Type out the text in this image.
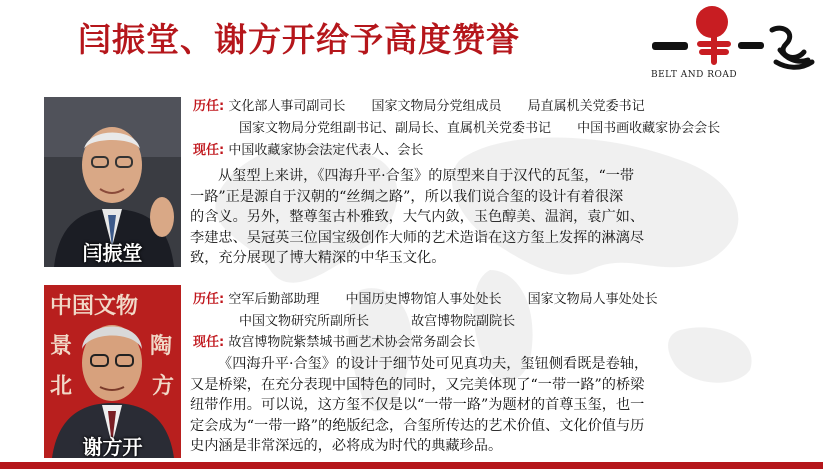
闫振堂、谢方开给予高度赞誉
BELT AND ROAD
闫振堂
历任: 文化部人事司副司长 国家文物局分党组成员 局直属机关党委书记
国家文物局分党组副书记、副局长、直属机关党委书记 中国书画收藏家协会会长
现任: 中国收藏家协会法定代表人、会长
从玺型上来讲，《四海升平·合玺》的原型来自于汉代的瓦玺，“一带
一路”正是源自于汉朝的“丝绸之路”，所以我们说合玺的设计有着很深
的含义。另外，整尊玺古朴雅致，大气内敛，玉色醇美、温润，袁广如、
李建忠、吴冠英三位国宝级创作大师的艺术造诣在这方玺上发挥的淋漓尽
致，充分展现了博大精深的中华玉文化。
中国文物
景	陶
北	方
谢方开
历任: 空军后勤部助理 中国历史博物馆人事处处长 国家文物局人事处处长
中国文物研究所副所长	故宫博物院副院长
现任: 故宫博物院紫禁城书画艺术协会常务副会长
《四海升平·合玺》的设计于细节处可见真功夫，玺钮侧看既是卷轴，
又是桥梁，在充分表现中国特色的同时，又完美体现了“一带一路”的桥梁
纽带作用。可以说，这方玺不仅是以“一带一路”为题材的首尊玉玺，也一
定会成为“一带一路”的绝版纪念，合玺所传达的艺术价值、文化价值与历
史内涵是非常深远的，必将成为时代的典藏珍品。
